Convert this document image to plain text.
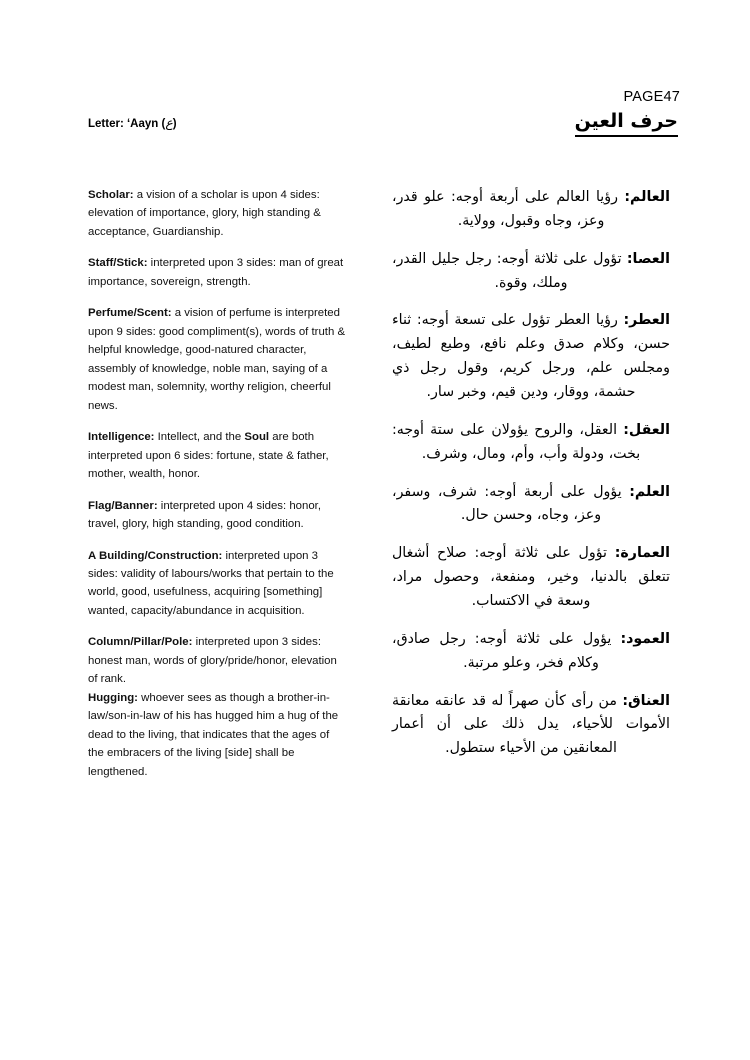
PAGE47
Letter: ‘Aayn (ع)	حرف العين

Scholar: a vision of a scholar is upon 4 sides: elevation of importance, glory, high standing & acceptance, Guardianship.

Staff/Stick: interpreted upon 3 sides: man of great importance, sovereign, strength.

Perfume/Scent: a vision of perfume is interpreted upon 9 sides: good compliment(s), words of truth & helpful knowledge, good-natured character, assembly of knowledge, noble man, saying of a modest man, solemnity, worthy religion, cheerful news.

Intelligence: Intellect, and the Soul are both interpreted upon 6 sides: fortune, state & father, mother, wealth, honor.

Flag/Banner: interpreted upon 4 sides: honor, travel, glory, high standing, good condition.

A Building/Construction: interpreted upon 3 sides: validity of labours/works that pertain to the world, good, usefulness, acquiring [something] wanted, capacity/abundance in acquisition.

Column/Pillar/Pole: interpreted upon 3 sides: honest man, words of glory/pride/honor, elevation of rank.

Hugging: whoever sees as though a brother-in-law/son-in-law of his has hugged him a hug of the dead to the living, that indicates that the ages of the embracers of the living [side] shall be lengthened.

العالم: رؤيا العالم على أربعة أوجه: علو قدر، وعز، وجاه وقبول، وولاية.

العصا: تؤول على ثلاثة أوجه: رجل جليل القدر، وملك، وقوة.

العطر: رؤيا العطر تؤول على تسعة أوجه: ثناء حسن، وكلام صدق وعلم نافع، وطبع لطيف، ومجلس علم، ورجل كريم، وقول رجل ذي حشمة، ووقار، ودين قيم، وخبر سار.

العقل: العقل، والروح يؤولان على ستة أوجه: بخت، ودولة وأب، وأم، ومال، وشرف.

العلم: يؤول على أربعة أوجه: شرف، وسفر، وعز، وجاه، وحسن حال.

العمارة: تؤول على ثلاثة أوجه: صلاح أشغال تتعلق بالدنيا، وخير، ومنفعة، وحصول مراد، وسعة في الاكتساب.

العمود: يؤول على ثلاثة أوجه: رجل صادق، وكلام فخر، وعلو مرتبة.

العناق: من رأى كأن صهراً له قد عانقه معانقة الأموات للأحياء، يدل ذلك على أن أعمار المعانقين من الأحياء ستطول.
